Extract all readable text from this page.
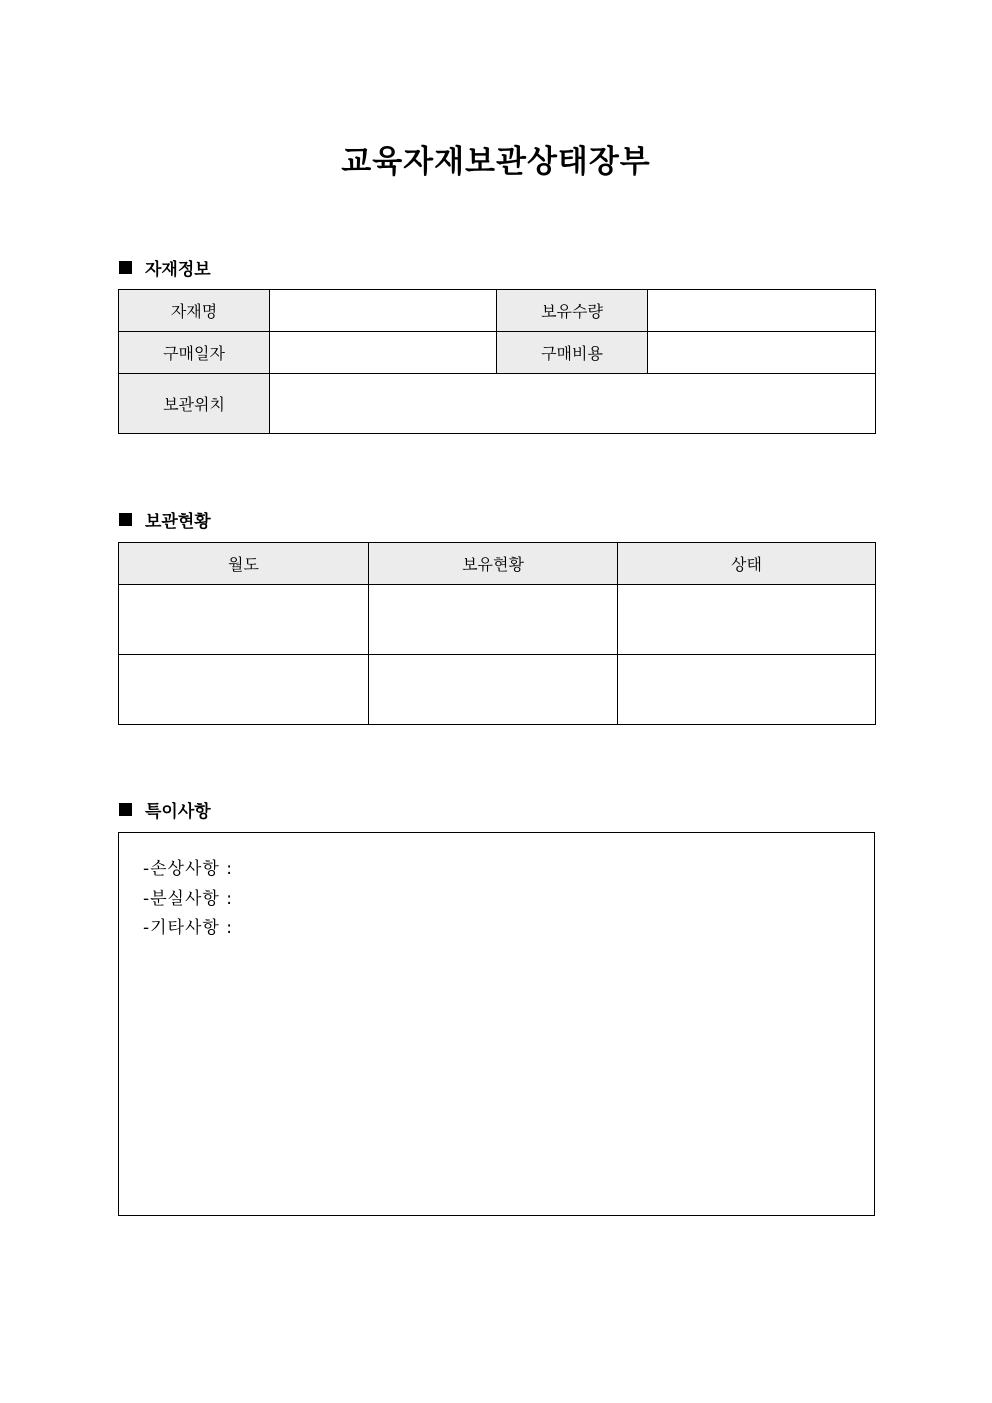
교육자재보관상태장부
자재정보
자재명		보유수량	
구매일자		구매비용	
보관위치			
보관현황
월도	보유현황	상태

특이사항
-손상사항 :
-분실사항 :
-기타사항 :
